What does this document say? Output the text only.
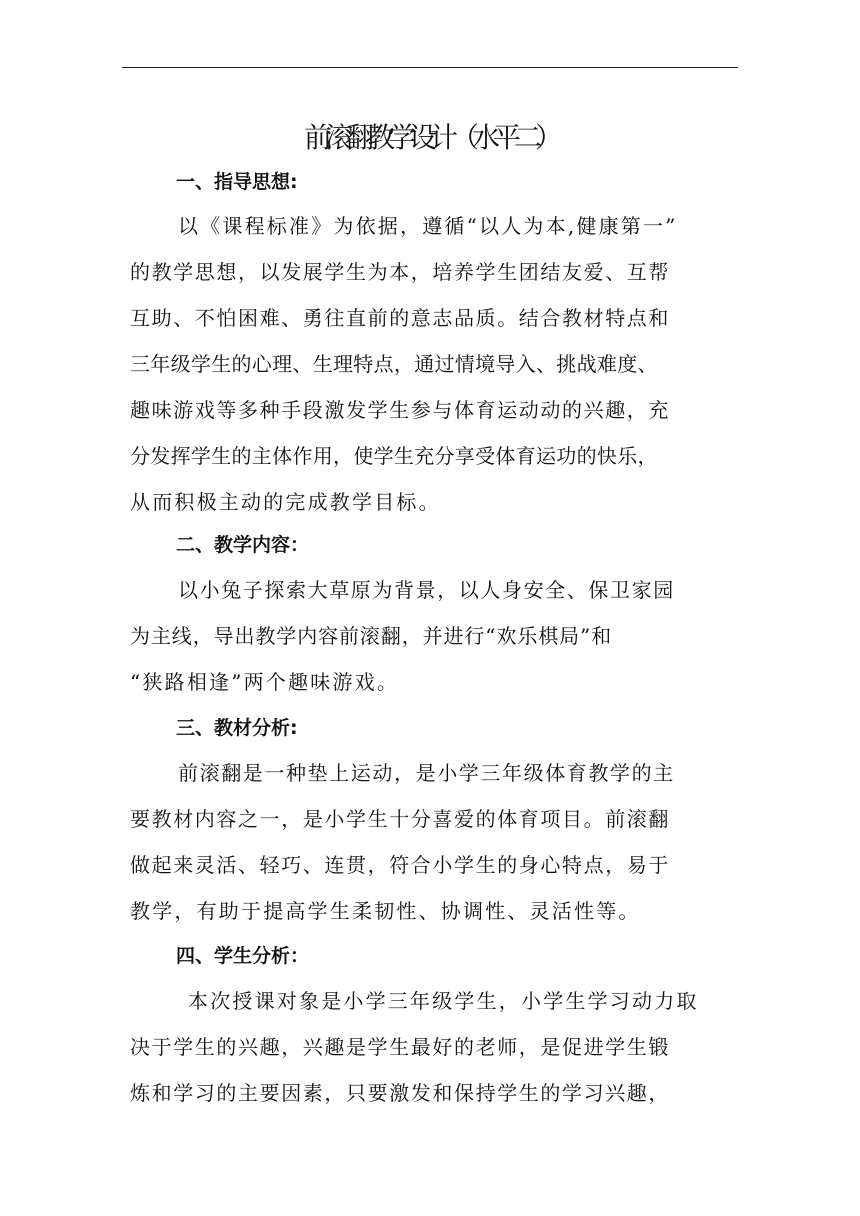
前滚翻教学设计（水平二）
一、指导思想:
以《课程标准》为依据，遵循“以人为本,健康第一”
的教学思想，以发展学生为本，培养学生团结友爱、互帮
互助、不怕困难、勇往直前的意志品质。结合教材特点和
三年级学生的心理、生理特点，通过情境导入、挑战难度、
趣味游戏等多种手段激发学生参与体育运动动的兴趣，充
分发挥学生的主体作用，使学生充分享受体育运功的快乐，
从而积极主动的完成教学目标。
二、教学内容：
以小兔子探索大草原为背景，以人身安全、保卫家园
为主线，导出教学内容前滚翻，并进行“欢乐棋局”和
“狭路相逢”两个趣味游戏。
三、教材分析:
前滚翻是一种垫上运动，是小学三年级体育教学的主
要教材内容之一，是小学生十分喜爱的体育项目。前滚翻
做起来灵活、轻巧、连贯，符合小学生的身心特点，易于
教学，有助于提高学生柔韧性、协调性、灵活性等。
四、学生分析：
本次授课对象是小学三年级学生，小学生学习动力取
决于学生的兴趣，兴趣是学生最好的老师，是促进学生锻
炼和学习的主要因素，只要激发和保持学生的学习兴趣，
